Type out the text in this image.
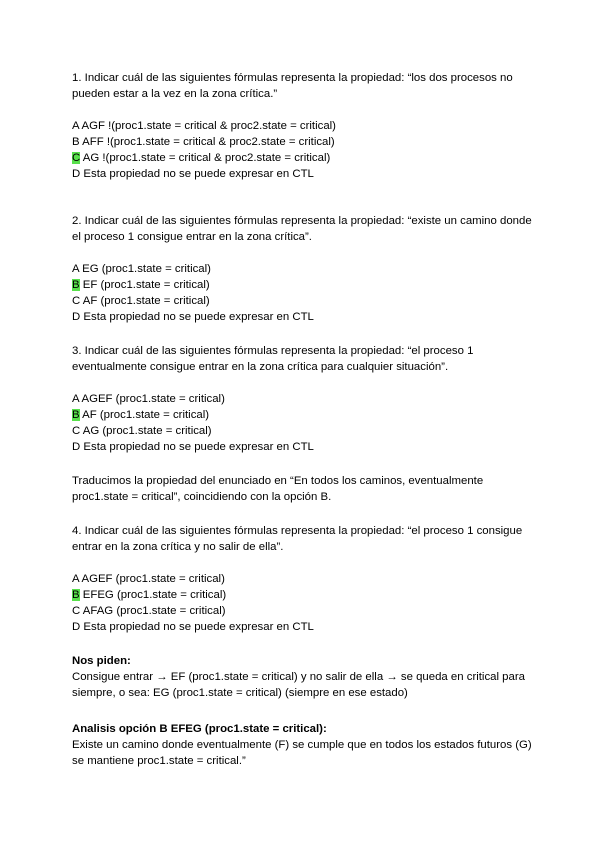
1. Indicar cuál de las siguientes fórmulas representa la propiedad: “los dos procesos no pueden estar a la vez en la zona crítica.”

A AGF !(proc1.state = critical & proc2.state = critical)
B AFF !(proc1.state = critical & proc2.state = critical)
C AG !(proc1.state = critical & proc2.state = critical)
D Esta propiedad no se puede expresar en CTL

2. Indicar cuál de las siguientes fórmulas representa la propiedad: “existe un camino donde el proceso 1 consigue entrar en la zona crítica”.

A EG (proc1.state = critical)
B EF (proc1.state = critical)
C AF (proc1.state = critical)
D Esta propiedad no se puede expresar en CTL

3. Indicar cuál de las siguientes fórmulas representa la propiedad: “el proceso 1 eventualmente consigue entrar en la zona crítica para cualquier situación”.

A AGEF (proc1.state = critical)
B AF (proc1.state = critical)
C AG (proc1.state = critical)
D Esta propiedad no se puede expresar en CTL

Traducimos la propiedad del enunciado en “En todos los caminos, eventualmente proc1.state = critical”, coincidiendo con la opción B.

4. Indicar cuál de las siguientes fórmulas representa la propiedad: “el proceso 1 consigue entrar en la zona crítica y no salir de ella”.

A AGEF (proc1.state = critical)
B EFEG (proc1.state = critical)
C AFAG (proc1.state = critical)
D Esta propiedad no se puede expresar en CTL
Nos piden:

Consigue entrar → EF (proc1.state = critical) y no salir de ella → se queda en critical para siempre, o sea: EG (proc1.state = critical) (siempre en ese estado)

Analisis opción B EFEG (proc1.state = critical):

Existe un camino donde eventualmente (F) se cumple que en todos los estados futuros (G) se mantiene proc1.state = critical.”
